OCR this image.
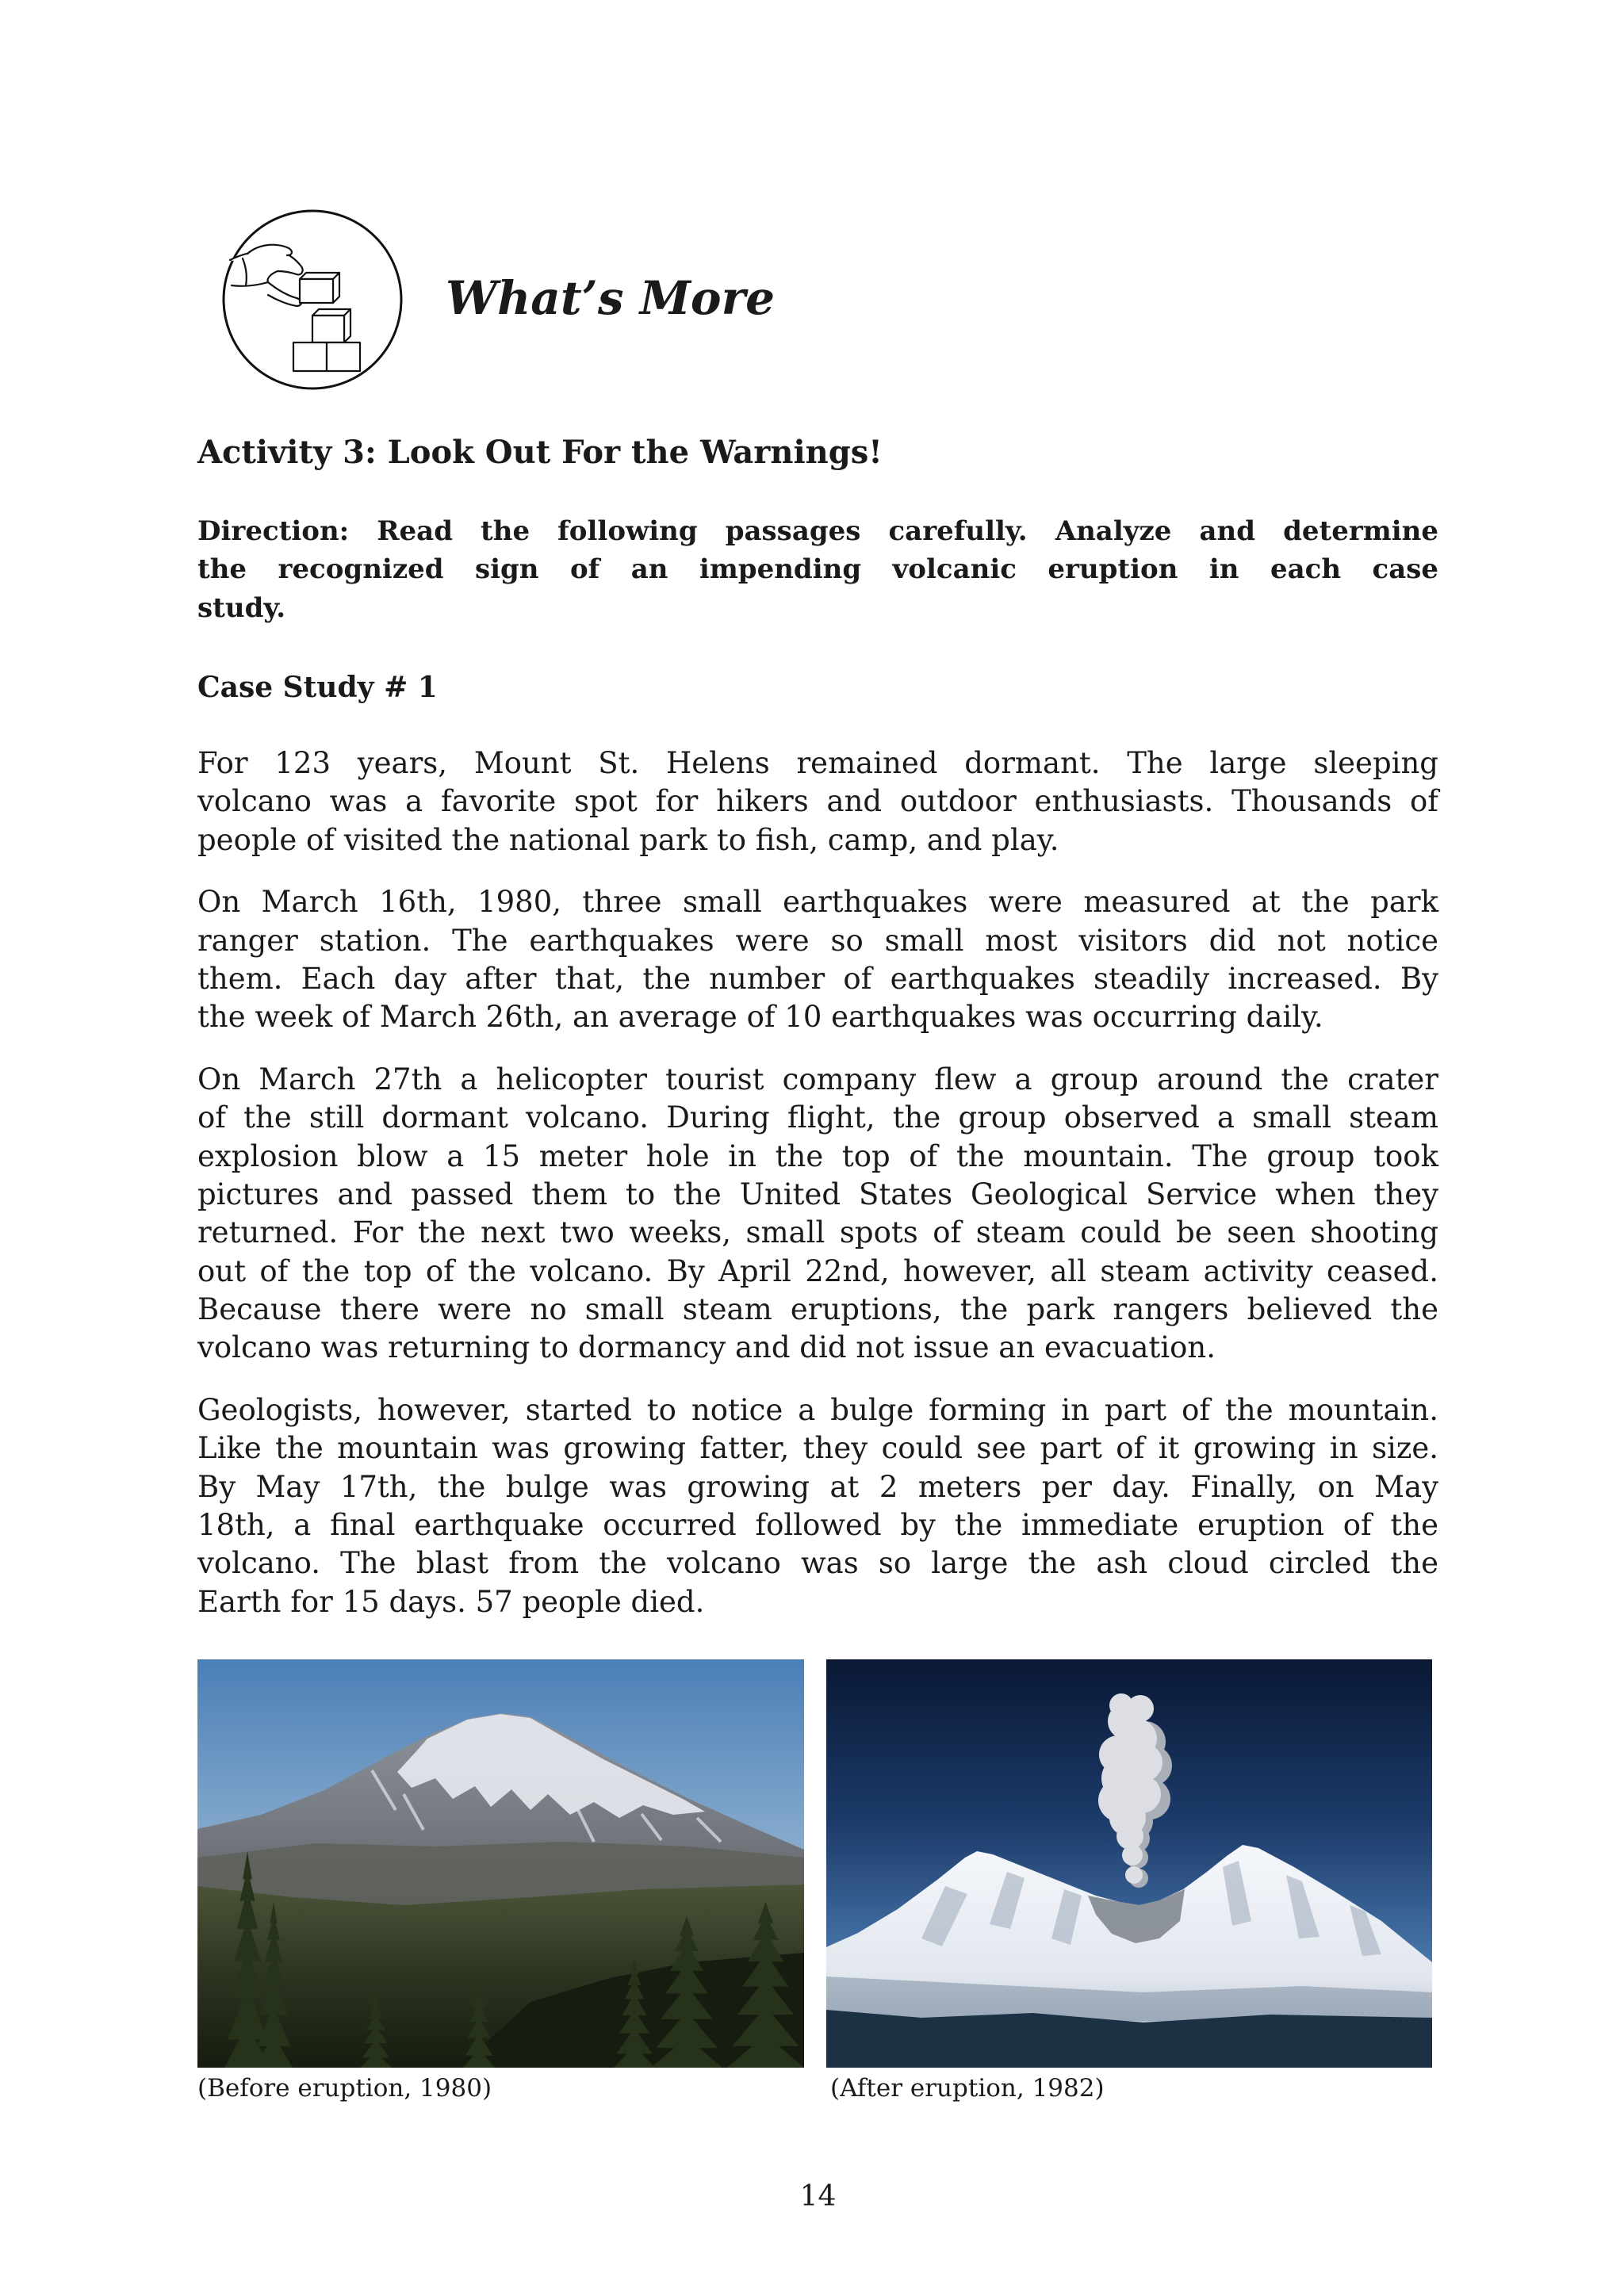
What’s More
Activity 3: Look Out For the Warnings!
Direction: Read the following passages carefully. Analyze and determine
the recognized sign of an impending volcanic eruption in each case
study.
Case Study # 1
For 123 years, Mount St. Helens remained dormant. The large sleeping
volcano was a favorite spot for hikers and outdoor enthusiasts. Thousands of
people of visited the national park to fish, camp, and play.
On March 16th, 1980, three small earthquakes were measured at the park
ranger station. The earthquakes were so small most visitors did not notice
them. Each day after that, the number of earthquakes steadily increased. By
the week of March 26th, an average of 10 earthquakes was occurring daily.
On March 27th a helicopter tourist company flew a group around the crater
of the still dormant volcano. During flight, the group observed a small steam
explosion blow a 15 meter hole in the top of the mountain. The group took
pictures and passed them to the United States Geological Service when they
returned. For the next two weeks, small spots of steam could be seen shooting
out of the top of the volcano. By April 22nd, however, all steam activity ceased.
Because there were no small steam eruptions, the park rangers believed the
volcano was returning to dormancy and did not issue an evacuation.
Geologists, however, started to notice a bulge forming in part of the mountain.
Like the mountain was growing fatter, they could see part of it growing in size.
By May 17th, the bulge was growing at 2 meters per day. Finally, on May
18th, a final earthquake occurred followed by the immediate eruption of the
volcano. The blast from the volcano was so large the ash cloud circled the
Earth for 15 days. 57 people died.
(Before eruption, 1980)	(After eruption, 1982)
14
